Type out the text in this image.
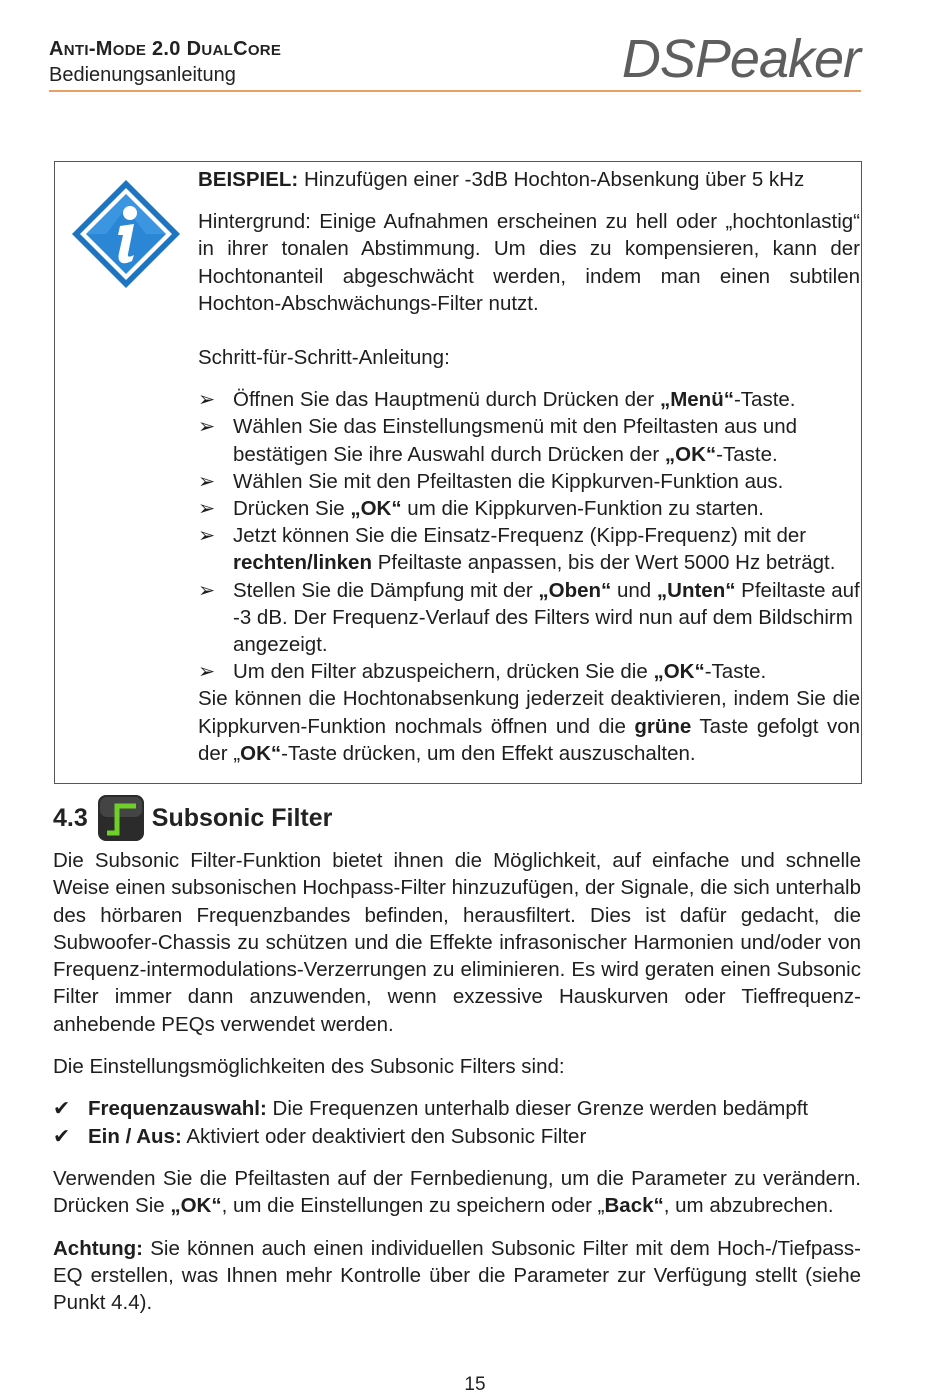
ANTI-MODE 2.0 DUALCORE
Bedienungsanleitung	DSPeaker

BEISPIEL: Hinzufügen einer -3dB Hochton-Absenkung über 5 kHz

Hintergrund: Einige Aufnahmen erscheinen zu hell oder „hochtonlastig“ in ihrer tonalen Abstimmung. Um dies zu kompensieren, kann der Hochtonanteil abgeschwächt werden, indem man einen subtilen Hochton-Abschwächungs-Filter nutzt.

Schritt-für-Schritt-Anleitung:

➢ Öffnen Sie das Hauptmenü durch Drücken der „Menü“-Taste.
➢ Wählen Sie das Einstellungsmenü mit den Pfeiltasten aus und bestätigen Sie ihre Auswahl durch Drücken der „OK“-Taste.
➢ Wählen Sie mit den Pfeiltasten die Kippkurven-Funktion aus.
➢ Drücken Sie „OK“ um die Kippkurven-Funktion zu starten.
➢ Jetzt können Sie die Einsatz-Frequenz (Kipp-Frequenz) mit der rechten/linken Pfeiltaste anpassen, bis der Wert 5000 Hz beträgt.
➢ Stellen Sie die Dämpfung mit der „Oben“ und „Unten“ Pfeiltaste auf -3 dB. Der Frequenz-Verlauf des Filters wird nun auf dem Bildschirm angezeigt.
➢ Um den Filter abzuspeichern, drücken Sie die „OK“-Taste.

Sie können die Hochtonabsenkung jederzeit deaktivieren, indem Sie die Kippkurven-Funktion nochmals öffnen und die grüne Taste gefolgt von der „OK“-Taste drücken, um den Effekt auszuschalten.

4.3	Subsonic Filter

Die Subsonic Filter-Funktion bietet ihnen die Möglichkeit, auf einfache und schnelle Weise einen subsonischen Hochpass-Filter hinzuzufügen, der Signale, die sich unterhalb des hörbaren Frequenzbandes befinden, herausfiltert. Dies ist dafür gedacht, die Subwoofer-Chassis zu schützen und die Effekte infrasonischer Harmonien und/oder von Frequenz-intermodulations-Verzerrungen zu eliminieren. Es wird geraten einen Subsonic Filter immer dann anzuwenden, wenn exzessive Hauskurven oder Tieffrequenz-anhebende PEQs verwendet werden.

Die Einstellungsmöglichkeiten des Subsonic Filters sind:

✔ Frequenzauswahl: Die Frequenzen unterhalb dieser Grenze werden bedämpft
✔ Ein / Aus: Aktiviert oder deaktiviert den Subsonic Filter

Verwenden Sie die Pfeiltasten auf der Fernbedienung, um die Parameter zu verändern. Drücken Sie „OK“, um die Einstellungen zu speichern oder „Back“, um abzubrechen.

Achtung: Sie können auch einen individuellen Subsonic Filter mit dem Hoch-/Tiefpass-EQ erstellen, was Ihnen mehr Kontrolle über die Parameter zur Verfügung stellt (siehe Punkt 4.4).

15
